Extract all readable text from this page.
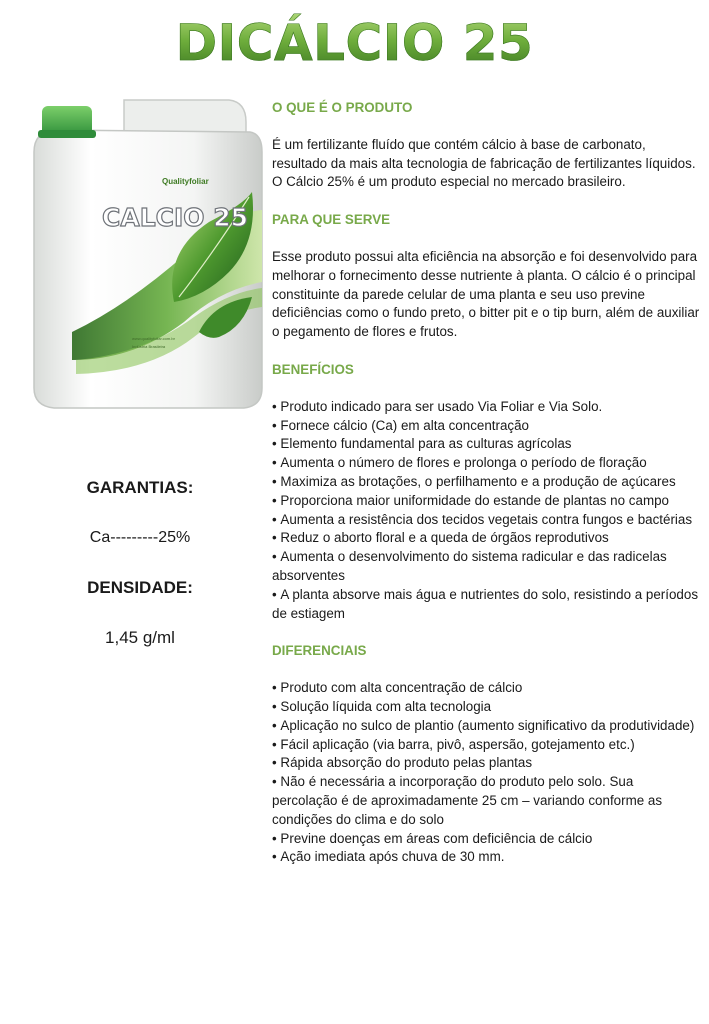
DICÁLCIO 25
Qualityfoliar
CALCIO 25
www.qualityfoliar.com.br
Indústria Brasileira
GARANTIAS:
Ca---------25%
DENSIDADE:
1,45 g/ml
O QUE É O PRODUTO

É um fertilizante fluído que contém cálcio à base de carbonato, resultado da mais alta tecnologia de fabricação de fertilizantes líquidos. O Cálcio 25% é um produto especial no mercado brasileiro.

PARA QUE SERVE

Esse produto possui alta eficiência na absorção e foi desenvolvido para melhorar o fornecimento desse nutriente à planta. O cálcio é o principal constituinte da parede celular de uma planta e seu uso previne deficiências como o fundo preto, o bitter pit e o tip burn, além de auxiliar o pegamento de flores e frutos.

BENEFÍCIOS
• Produto indicado para ser usado Via Foliar e Via Solo.
• Fornece cálcio (Ca) em alta concentração
• Elemento fundamental para as culturas agrícolas
• Aumenta o número de flores e prolonga o período de floração
• Maximiza as brotações, o perfilhamento e a produção de açúcares
• Proporciona maior uniformidade do estande de plantas no campo
• Aumenta a resistência dos tecidos vegetais contra fungos e bactérias
• Reduz o aborto floral e a queda de órgãos reprodutivos
• Aumenta o desenvolvimento do sistema radicular e das radicelas absorventes
• A planta absorve mais água e nutrientes do solo, resistindo a períodos de estiagem
DIFERENCIAIS
• Produto com alta concentração de cálcio
• Solução líquida com alta tecnologia
• Aplicação no sulco de plantio (aumento significativo da produtividade)
• Fácil aplicação (via barra, pivô, aspersão, gotejamento etc.)
• Rápida absorção do produto pelas plantas
• Não é necessária a incorporação do produto pelo solo. Sua percolação é de aproximadamente 25 cm – variando conforme as condições do clima e do solo
• Previne doenças em áreas com deficiência de cálcio
• Ação imediata após chuva de 30 mm.
